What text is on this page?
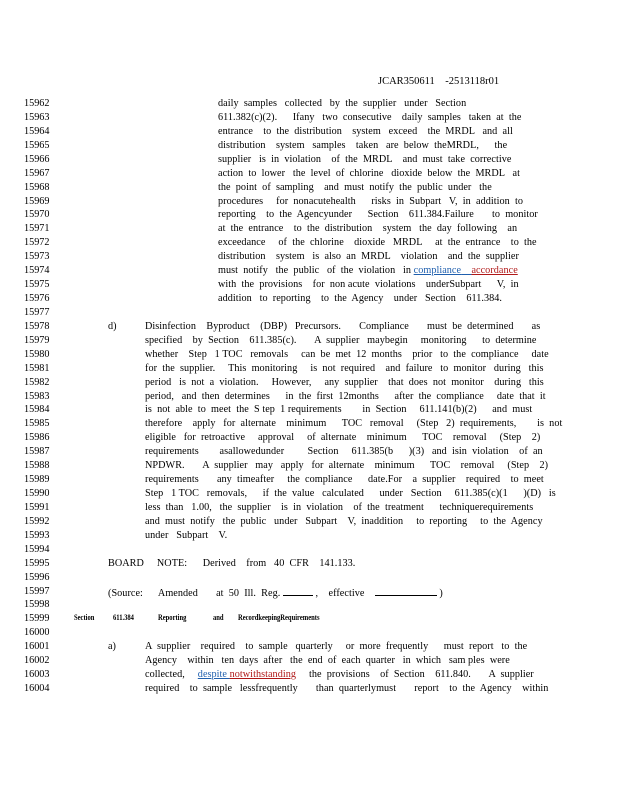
JCAR350611    -2513118r01
15962	daily  samples   collected   by  the  supplier   under   Section
15963	611.382(c)(2).      Ifany   two  consecutive    daily  samples   taken  at  the
15964	entrance    to  the  distribution    system   exceed    the  MRDL   and  all
15965	distribution    system   samples    taken   are  below  theMRDL,      the
15966	supplier   is  in  violation    of  the  MRDL    and  must  take  corrective
15967	action  to  lower   the  level  of  chlorine   dioxide  below  the  MRDL   at
15968	the  point  of  sampling    and  must  notify  the  public  under   the
15969	procedures     for  nonacutehealth      risks  in  Subpart   V,  in  addition  to
15970	reporting    to  the  Agencyunder      Section    611.384.Failure       to  monitor
15971	at  the  entrance    to  the  distribution    system   the  day  following    an
15972	exceedance     of  the  chlorine    dioxide   MRDL     at  the  entrance    to  the
15973	distribution    system   is  also  an  MRDL    violation    and  the  supplier
15974	must  notify   the  public   of  the  violation   in compliance accordance
15975	with  the  provisions    for  non acute  violations    underSubpart      V,  in
15976	addition   to  reporting    to  the  Agency    under   Section    611.384.
15977
15978	d)	Disinfection    Byproduct    (DBP)   Precursors.       Compliance       must  be  determined       as
15979	specified    by  Section    611.385(c).       A  supplier   maybegin     monitoring      to  determine
15980	whether    Step   1 TOC   removals     can  be  met  12  months    prior   to  the  compliance     date
15981	for  the  supplier.     This  monitoring     is  not  required    and  failure   to  monitor   during   this
15982	period   is  not  a  violation.     However,     any  supplier    that  does  not  monitor    during   this
15983	period,   and  then  determines      in  the  first  12months      after  the  compliance     date  that  it
15984	is  not  able  to  meet  the  S tep  1 requirements        in  Section     611.141(b)(2)      and  must
15985	therefore    apply   for  alternate    minimum      TOC   removal     (Step   2)  requirements,        is  not
15986	eligible   for  retroactive     approval     of  alternate    minimum      TOC    removal     (Step    2)
15987	requirements        asallowedunder         Section     611.385(b      )(3)   and  isin  violation    of  an
15988	NPDWR.       A  supplier   may   apply   for  alternate    minimum      TOC    removal     (Step    2)
15989	requirements       any  timeafter     the  compliance      date.For    a  supplier    required    to  meet
15990	Step   1 TOC   removals,      if  the  value   calculated      under   Section     611.385(c)(1      )(D)   is
15991	less  than   1.00,   the  supplier    is  in  violation    of  the  treatment      techniquerequirements
15992	and  must  notify   the  public   under   Subpart    V,  inaddition     to  reporting     to  the  Agency
15993	under   Subpart    V.
15994
15995	BOARD     NOTE:      Derived    from   40  CFR    141.133.
15996
15997	(Source:      Amended       at  50  Ill.  Reg.	,    effective	)
15998
15999	Section 611.384	Reporting	and RecordkeepingRequirements
16000
16001	a)	A  supplier    required    to  sample   quarterly     or  more  frequently      must  report   to  the
16002	Agency    within   ten  days  after   the  end  of  each  quarter   in  which   sam ples  were
16003	collected,     despite notwithstanding     the  provisions    of  Section    611.840.       A  supplier
16004	required    to  sample   lessfrequently       than  quarterlymust       report    to  the  Agency    within
